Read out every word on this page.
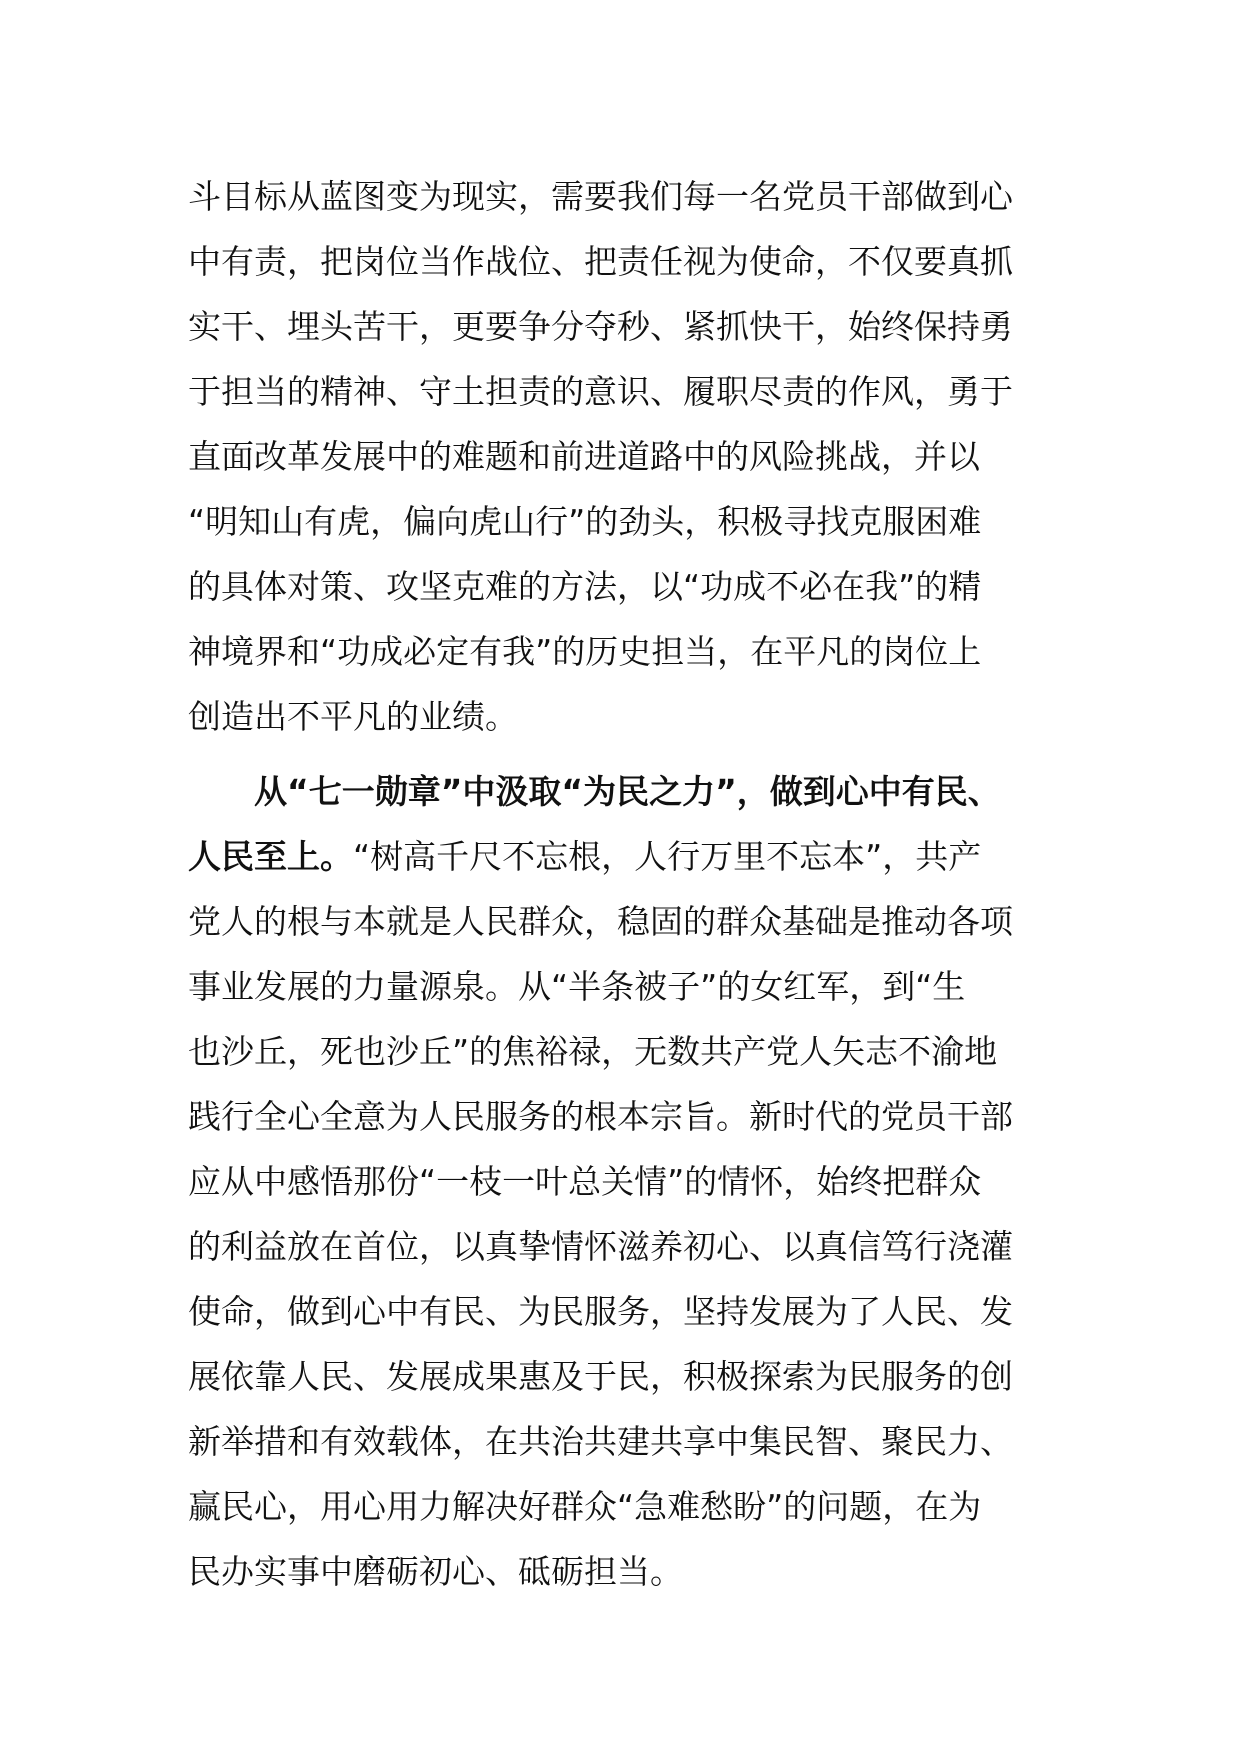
斗目标从蓝图变为现实，需要我们每一名党员干部做到心
中有责，把岗位当作战位、把责任视为使命，不仅要真抓
实干、埋头苦干，更要争分夺秒、紧抓快干，始终保持勇
于担当的精神、守土担责的意识、履职尽责的作风，勇于
直面改革发展中的难题和前进道路中的风险挑战，并以
“明知山有虎，偏向虎山行”的劲头，积极寻找克服困难
的具体对策、攻坚克难的方法，以“功成不必在我”的精
神境界和“功成必定有我”的历史担当，在平凡的岗位上
创造出不平凡的业绩。
从“七一勋章”中汲取“为民之力”，做到心中有民、
人民至上。“树高千尺不忘根，人行万里不忘本”，共产
党人的根与本就是人民群众，稳固的群众基础是推动各项
事业发展的力量源泉。从“半条被子”的女红军，到“生
也沙丘，死也沙丘”的焦裕禄，无数共产党人矢志不渝地
践行全心全意为人民服务的根本宗旨。新时代的党员干部
应从中感悟那份“一枝一叶总关情”的情怀，始终把群众
的利益放在首位，以真挚情怀滋养初心、以真信笃行浇灌
使命，做到心中有民、为民服务，坚持发展为了人民、发
展依靠人民、发展成果惠及于民，积极探索为民服务的创
新举措和有效载体，在共治共建共享中集民智、聚民力、
赢民心，用心用力解决好群众“急难愁盼”的问题，在为
民办实事中磨砺初心、砥砺担当。
